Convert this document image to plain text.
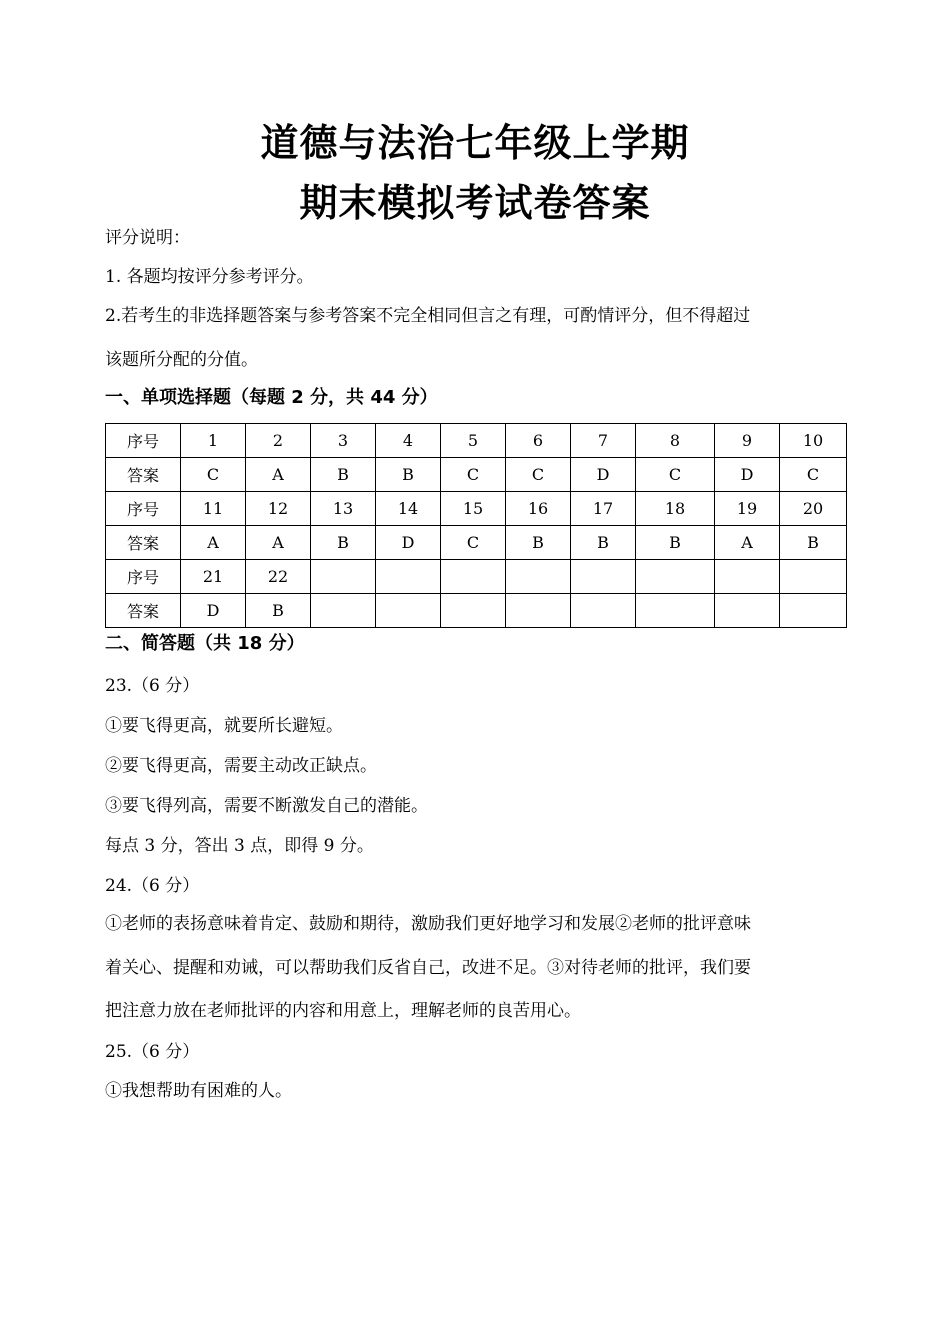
道德与法治七年级上学期
期末模拟考试卷答案
评分说明：
1. 各题均按评分参考评分。
2.若考生的非选择题答案与参考答案不完全相同但言之有理，可酌情评分，但不得超过
该题所分配的分值。
一、单项选择题（每题 2 分，共 44 分）
序号	1	2	3	4	5	6	7	8	9	10
答案	C	A	B	B	C	C	D	C	D	C
序号	11	12	13	14	15	16	17	18	19	20
答案	A	A	B	D	C	B	B	B	A	B
序号	21	22								
答案	D	B								
二、简答题（共 18 分）
23.（6 分）
①要飞得更高，就要所长避短。
②要飞得更高，需要主动改正缺点。
③要飞得列高，需要不断激发自己的潜能。
每点 3 分，答出 3 点，即得 9 分。
24.（6 分）
①老师的表扬意味着肯定、鼓励和期待，激励我们更好地学习和发展②老师的批评意味
着关心、提醒和劝诫，可以帮助我们反省自己，改进不足。③对待老师的批评，我们要
把注意力放在老师批评的内容和用意上，理解老师的良苦用心。
25.（6 分）
①我想帮助有困难的人。
